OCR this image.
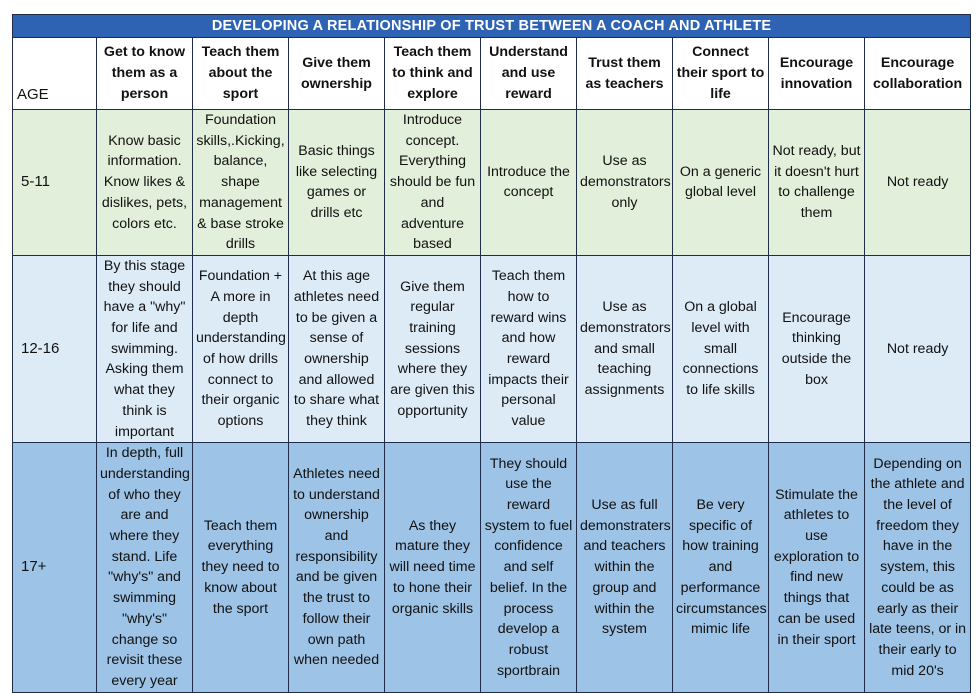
DEVELOPING A RELATIONSHIP OF TRUST BETWEEN A COACH AND ATHLETE									
AGE	Get to know them as a person	Teach them about the sport	Give them ownership	Teach them to think and explore	Understand and use reward	Trust them as teachers	Connect their sport to life	Encourage innovation	Encourage collaboration
5-11	Know basic information. Know likes & dislikes, pets, colors etc.	Foundation skills,.Kicking, balance, shape management & base stroke drills	Basic things like selecting games or drills etc	Introduce concept. Everything should be fun and adventure based	Introduce the concept	Use as demonstrators only	On a generic global level	Not ready, but it doesn't hurt to challenge them	Not ready
12-16	By this stage they should have a "why" for life and swimming. Asking them what they think is important	Foundation + A more in depth understanding of how drills connect to their organic options	At this age athletes need to be given a sense of ownership and allowed to share what they think	Give them regular training sessions where they are given this opportunity	Teach them how to reward wins and how reward impacts their personal value	Use as demonstrators and small teaching assignments	On a global level with small connections to life skills	Encourage thinking outside the box	Not ready
17+	In depth, full understanding of who they are and where they stand. Life "why's" and swimming "why's" change so revisit these every year	Teach them everything they need to know about the sport	Athletes need to understand ownership and responsibility and be given the trust to follow their own path when needed	As they mature they will need time to hone their organic skills	They should use the reward system to fuel confidence and self belief. In the process develop a robust sportbrain	Use as full demonstraters and teachers within the group and within the system	Be very specific of how training and performance circumstances mimic life	Stimulate the athletes to use exploration to find new things that can be used in their sport	Depending on the athlete and the level of freedom they have in the system, this could be as early as their late teens, or in their early to mid 20's
